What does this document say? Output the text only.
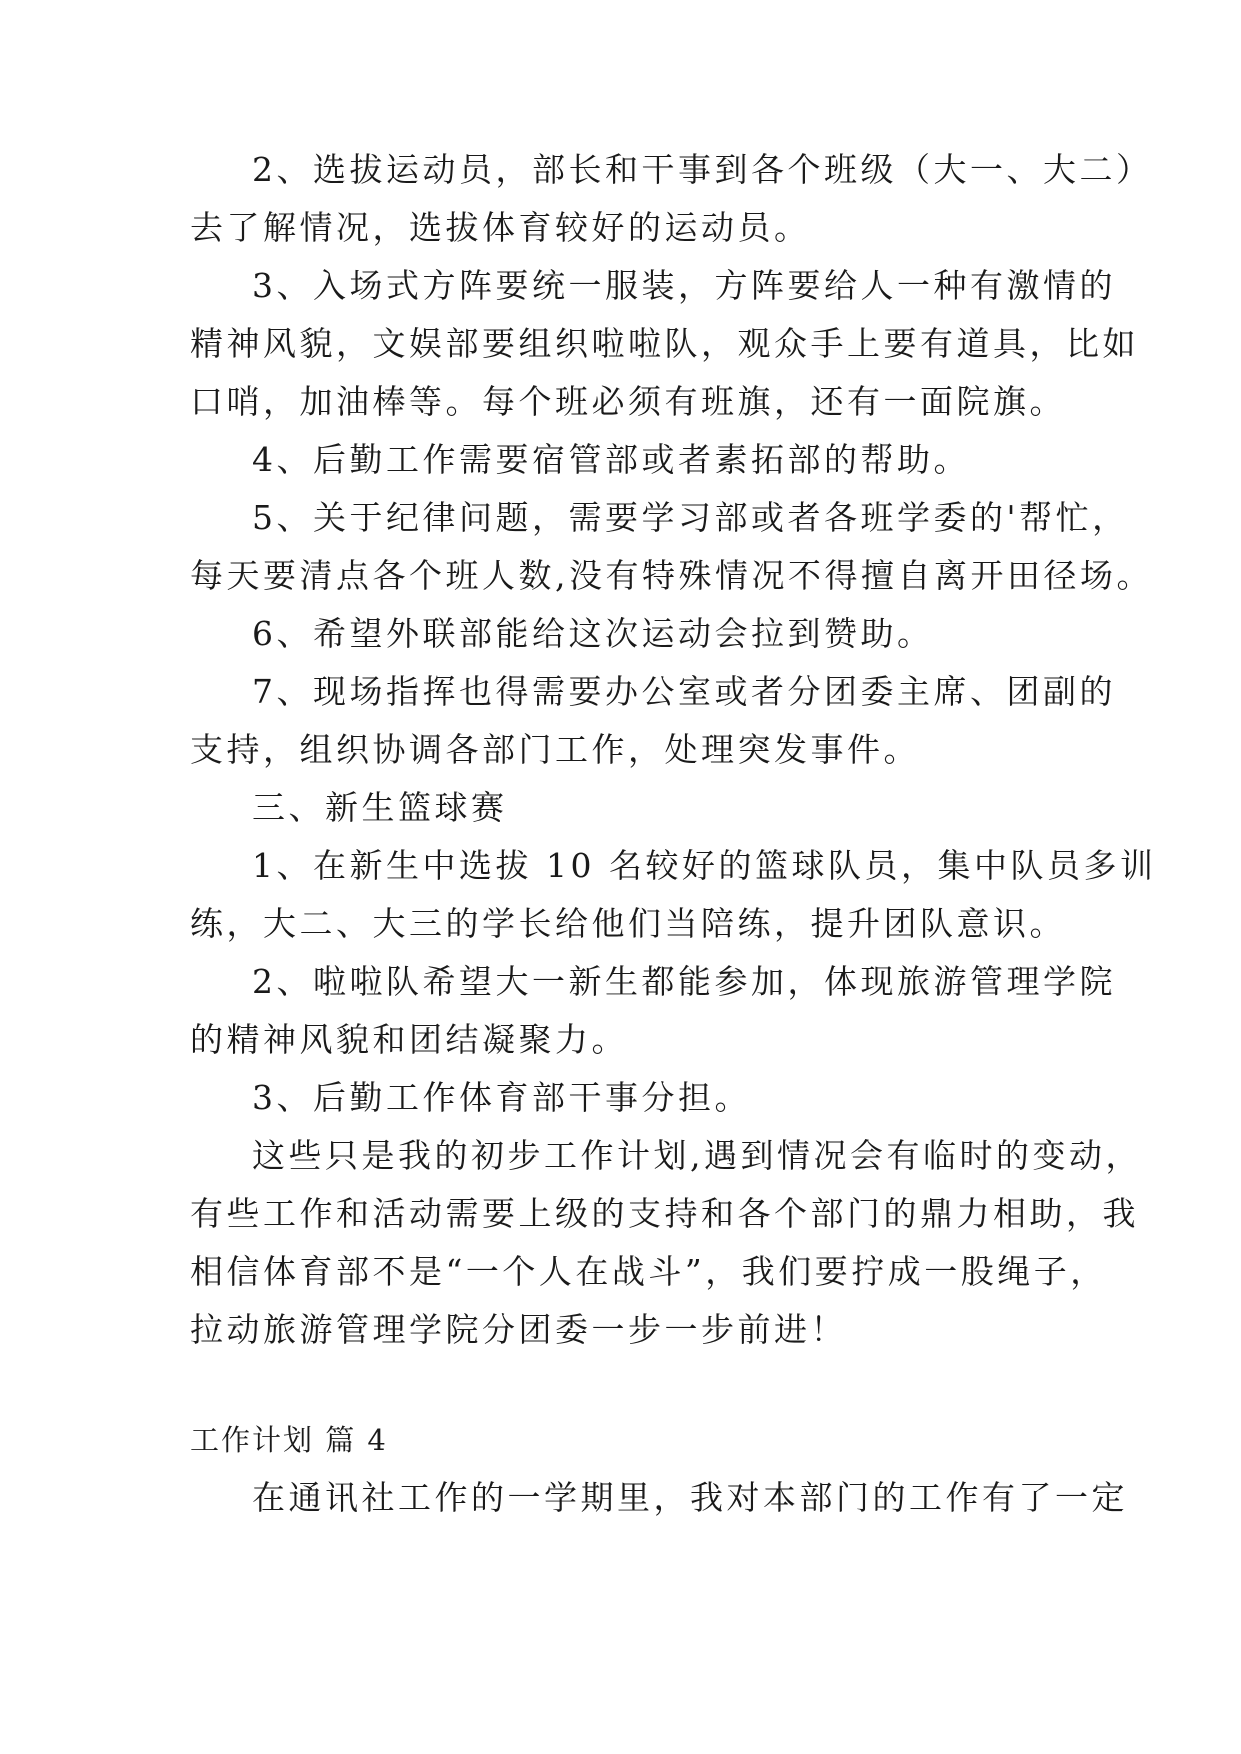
2、选拔运动员，部长和干事到各个班级（大一、大二）
去了解情况，选拔体育较好的运动员。
3、入场式方阵要统一服装，方阵要给人一种有激情的
精神风貌，文娱部要组织啦啦队，观众手上要有道具，比如
口哨，加油棒等。每个班必须有班旗，还有一面院旗。
4、后勤工作需要宿管部或者素拓部的帮助。
5、关于纪律问题，需要学习部或者各班学委的'帮忙，
每天要清点各个班人数,没有特殊情况不得擅自离开田径场。
6、希望外联部能给这次运动会拉到赞助。
7、现场指挥也得需要办公室或者分团委主席、团副的
支持，组织协调各部门工作，处理突发事件。
三、新生篮球赛
1、在新生中选拔 10 名较好的篮球队员，集中队员多训
练，大二、大三的学长给他们当陪练，提升团队意识。
2、啦啦队希望大一新生都能参加，体现旅游管理学院
的精神风貌和团结凝聚力。
3、后勤工作体育部干事分担。
这些只是我的初步工作计划,遇到情况会有临时的变动，
有些工作和活动需要上级的支持和各个部门的鼎力相助，我
相信体育部不是“一个人在战斗”，我们要拧成一股绳子，
拉动旅游管理学院分团委一步一步前进！
工作计划 篇 4
在通讯社工作的一学期里，我对本部门的工作有了一定
